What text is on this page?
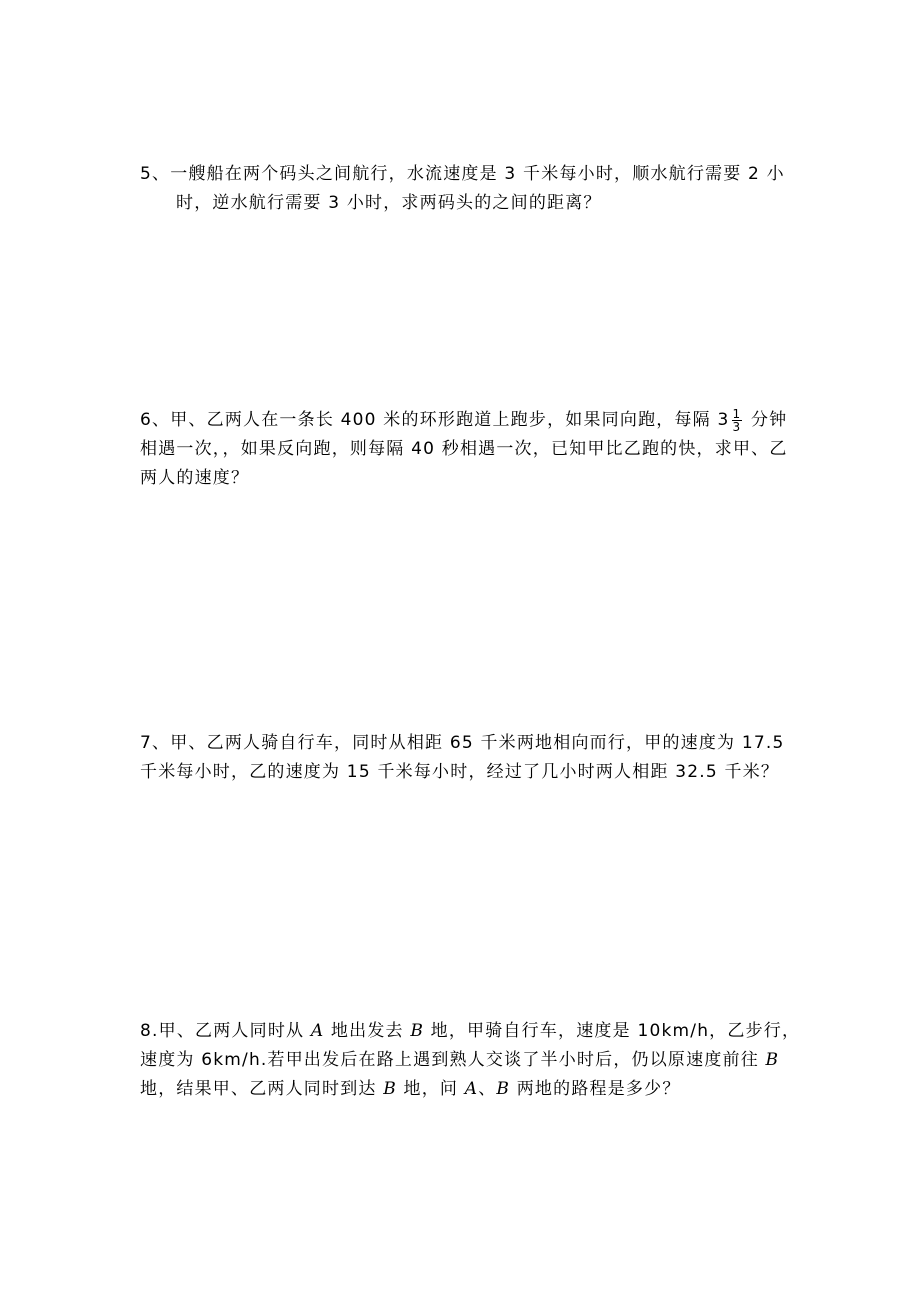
5、一艘船在两个码头之间航行，水流速度是 3 千米每小时，顺水航行需要 2 小
时，逆水航行需要 3 小时，求两码头的之间的距离？
6、甲、乙两人在一条长 400 米的环形跑道上跑步，如果同向跑，每隔 $3 \frac{1}{3}$ 分钟
相遇一次，，如果反向跑，则每隔 40 秒相遇一次，已知甲比乙跑的快，求甲、乙
两人的速度？
7、甲、乙两人骑自行车，同时从相距 65 千米两地相向而行，甲的速度为 17.5
千米每小时，乙的速度为 15 千米每小时，经过了几小时两人相距 32.5 千米？
8.甲、乙两人同时从 A 地出发去 B 地，甲骑自行车，速度是 10km/h，乙步行，
速度为 6km/h.若甲出发后在路上遇到熟人交谈了半小时后，仍以原速度前往 B
地，结果甲、乙两人同时到达 B 地，问 A、B 两地的路程是多少？
